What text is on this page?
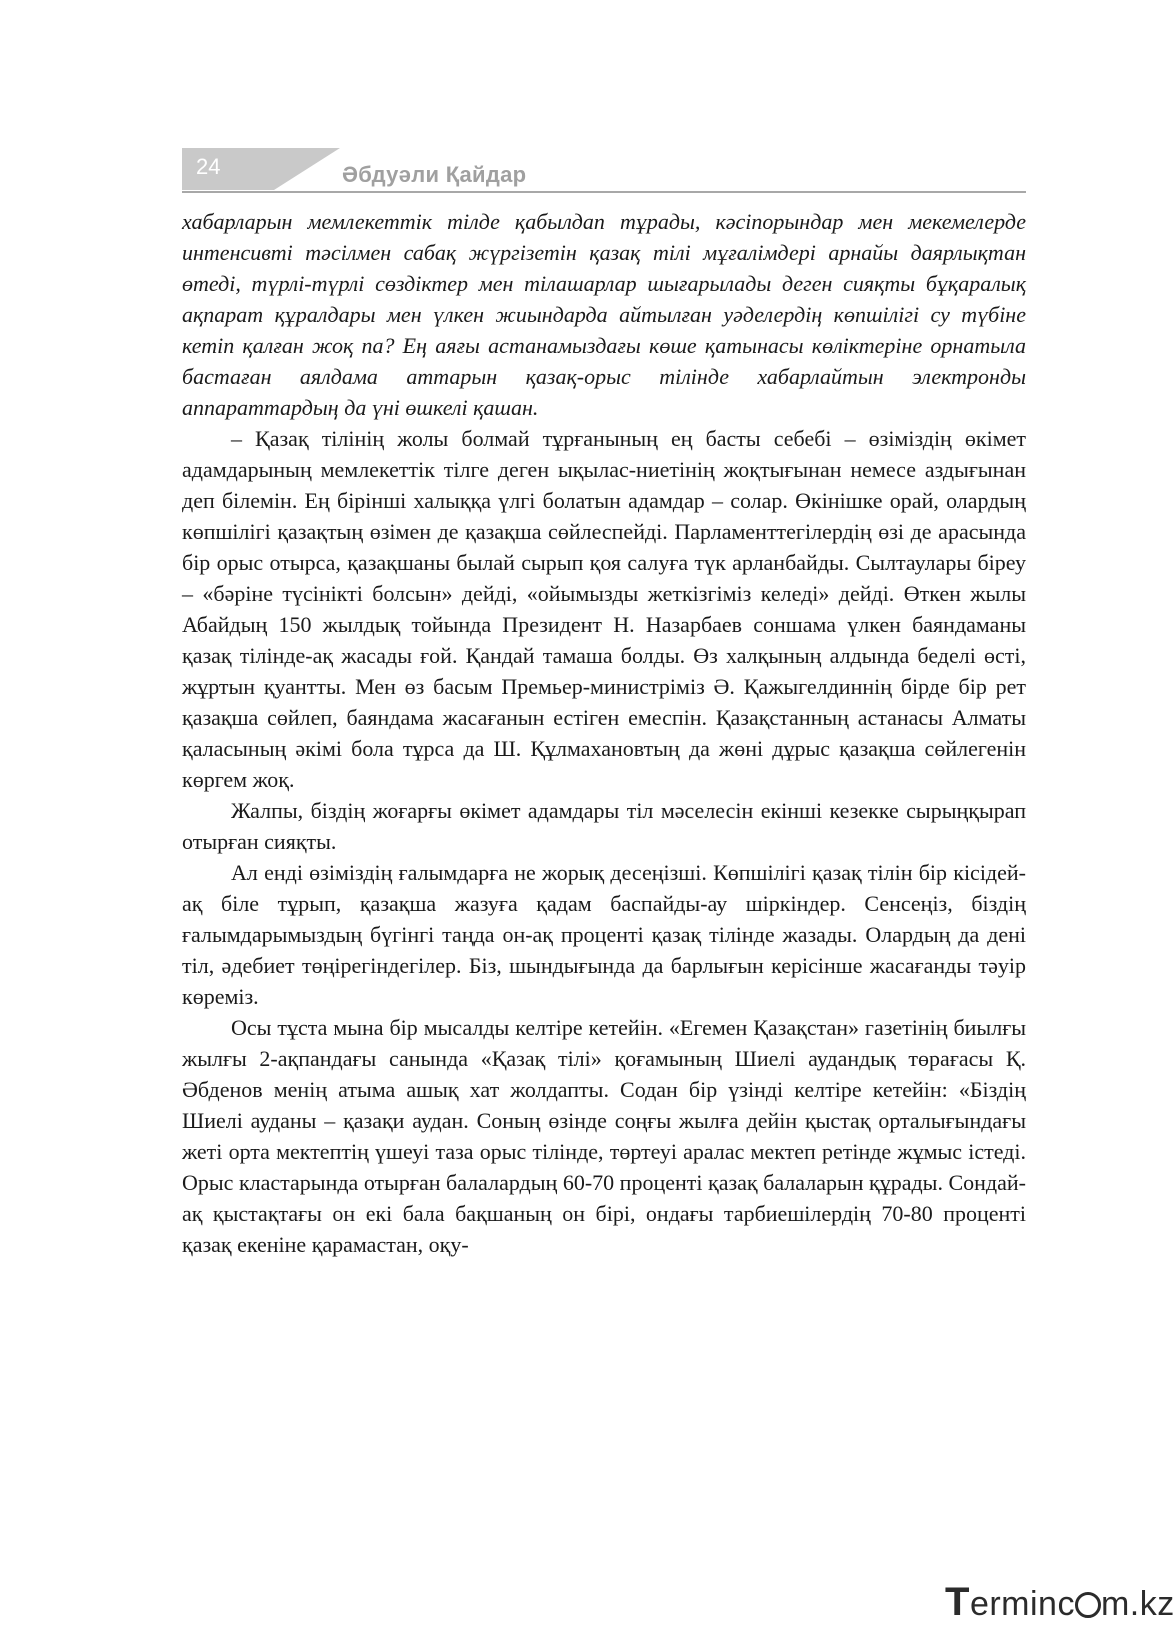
24	Әбдуәли Қайдар

хабарларын мемлекеттік тілде қабылдап тұрады, кәсіпорындар мен мекемелерде интенсивті тәсілмен сабақ жүргізетін қазақ тілі мұғалімдері арнайы даярлықтан өтеді, түрлі-түрлі сөздіктер мен тілашарлар шығарылады деген сияқты бұқаралық ақпарат құралдары мен үлкен жиындарда айтылған уәделердің көпшілігі су түбіне кетіп қалған жоқ па? Ең аяғы астанамыздағы көше қатынасы көліктеріне орнатыла бастаған аялдама аттарын қазақ-орыс тілінде хабарлайтын электронды аппараттардың да үні өшкелі қашан.

– Қазақ тілінің жолы болмай тұрғанының ең басты себебі – өзіміздің өкімет адамдарының мемлекеттік тілге деген ықылас-ниетінің жоқтығынан немесе аздығынан деп білемін. Ең бірінші халыққа үлгі болатын адамдар – солар. Өкінішке орай, олардың көпшілігі қазақтың өзімен де қазақша сөйлеспейді. Парламенттегілердің өзі де арасында бір орыс отырса, қазақшаны былай сырып қоя салуға түк арланбайды. Сылтаулары біреу – «бәріне түсінікті болсын» дейді, «ойымызды жеткізгіміз келеді» дейді. Өткен жылы Абайдың 150 жылдық тойында Президент Н. Назарбаев соншама үлкен баяндаманы қазақ тілінде-ақ жасады ғой. Қандай тамаша болды. Өз халқының алдында беделі өсті, жұртын қуантты. Мен өз басым Премьер-министріміз Ә. Қажыгелдиннің бірде бір рет қазақша сөйлеп, баяндама жасағанын естіген емеспін. Қазақстанның астанасы Алматы қаласының әкімі бола тұрса да Ш. Құлмахановтың да жөні дұрыс қазақша сөйлегенін көргем жоқ.

Жалпы, біздің жоғарғы өкімет адамдары тіл мәселесін екінші кезекке сырыңқырап отырған сияқты.

Ал енді өзіміздің ғалымдарға не жорық десеңізші. Көпшілігі қазақ тілін бір кісідей-ақ біле тұрып, қазақша жазуға қадам баспайды-ау шіркіндер. Сенсеңіз, біздің ғалымдарымыздың бүгінгі таңда он-ақ проценті қазақ тілінде жазады. Олардың да дені тіл, әдебиет төңірегіндегілер. Біз, шындығында да барлығын керісінше жасағанды тәуір көреміз.

Осы тұста мына бір мысалды келтіре кетейін. «Егемен Қазақстан» газетінің биылғы жылғы 2-ақпандағы санында «Қазақ тілі» қоғамының Шиелі аудандық төрағасы Қ. Әбденов менің атыма ашық хат жолдапты. Содан бір үзінді келтіре кетейін: «Біздің Шиелі ауданы – қазақи аудан. Соның өзінде соңғы жылға дейін қыстақ орталығындағы жеті орта мектептің үшеуі таза орыс тілінде, төртеуі аралас мектеп ретінде жұмыс істеді. Орыс кластарында отырған балалардың 60-70 проценті қазақ балаларын құрады. Сондай-ақ қыстақтағы он екі бала бақшаның он бірі, ондағы тарбиешілердің 70-80 проценті қазақ екеніне қарамастан, оқу-

Terminc m.kz
